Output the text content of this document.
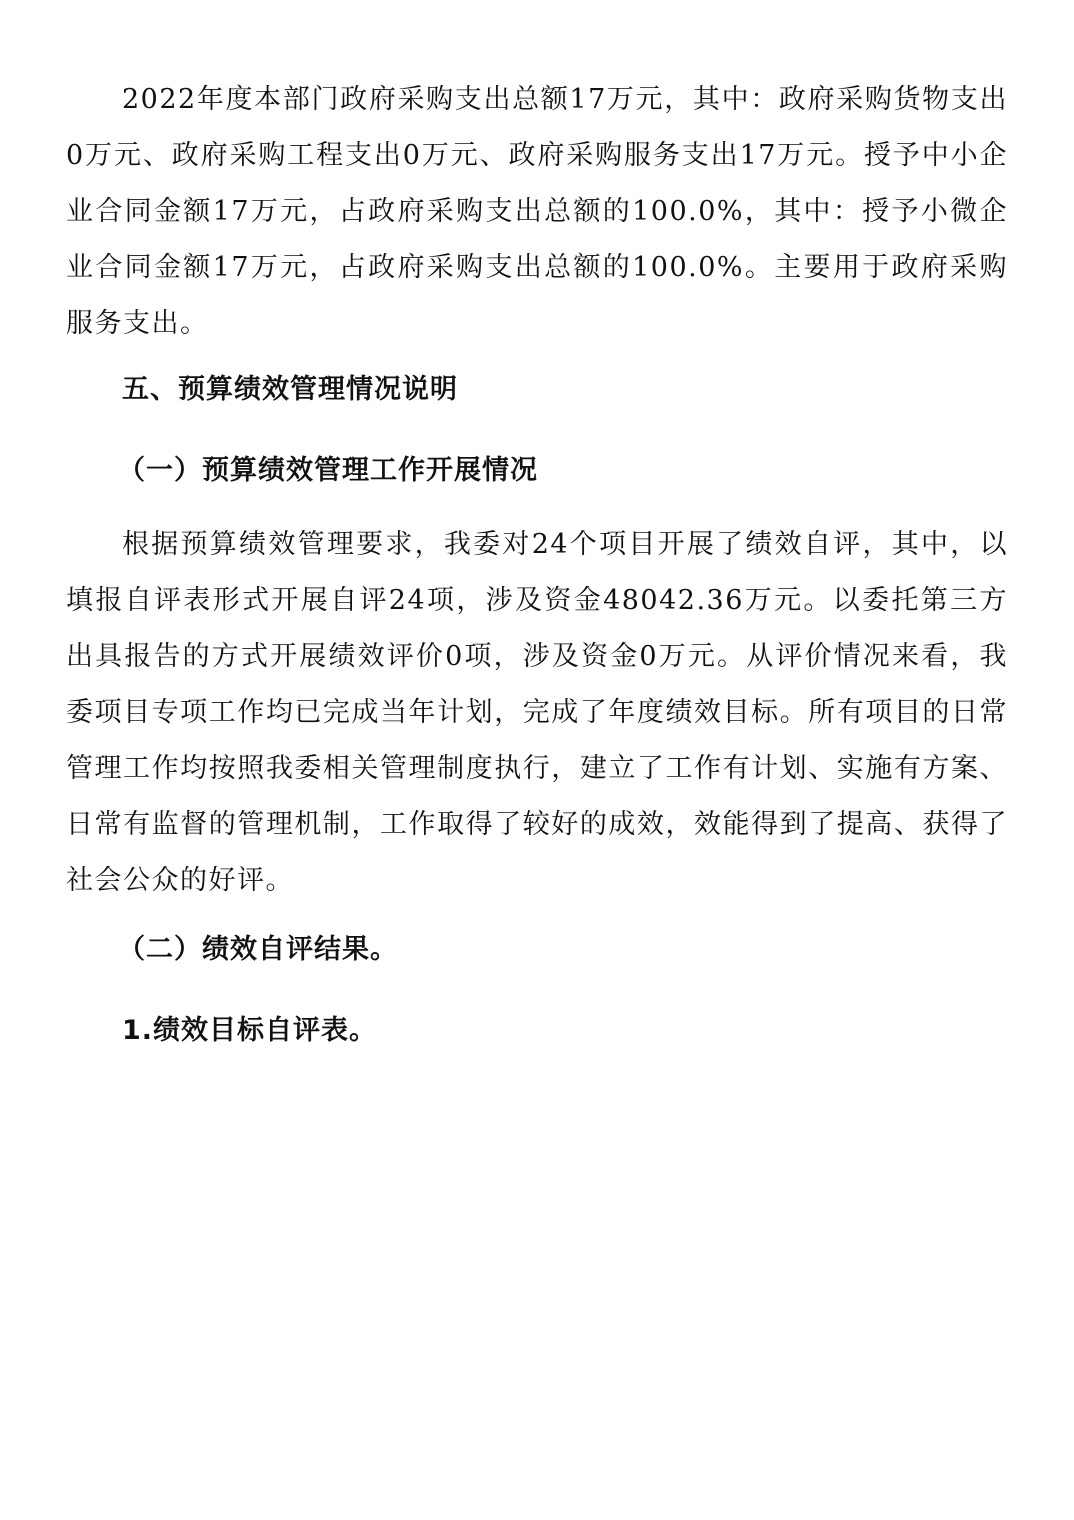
2022年度本部门政府采购支出总额17万元，其中：政府采购货物支出0万元、政府采购工程支出0万元、政府采购服务支出17万元。授予中小企业合同金额17万元，占政府采购支出总额的100.0%，其中：授予小微企业合同金额17万元，占政府采购支出总额的100.0%。主要用于政府采购服务支出。

五、预算绩效管理情况说明
（一）预算绩效管理工作开展情况

根据预算绩效管理要求，我委对24个项目开展了绩效自评，其中，以填报自评表形式开展自评24项，涉及资金48042.36万元。以委托第三方出具报告的方式开展绩效评价0项，涉及资金0万元。从评价情况来看，我委项目专项工作均已完成当年计划，完成了年度绩效目标。所有项目的日常管理工作均按照我委相关管理制度执行，建立了工作有计划、实施有方案、日常有监督的管理机制，工作取得了较好的成效，效能得到了提高、获得了社会公众的好评。

（二）绩效自评结果。
1.绩效目标自评表。
